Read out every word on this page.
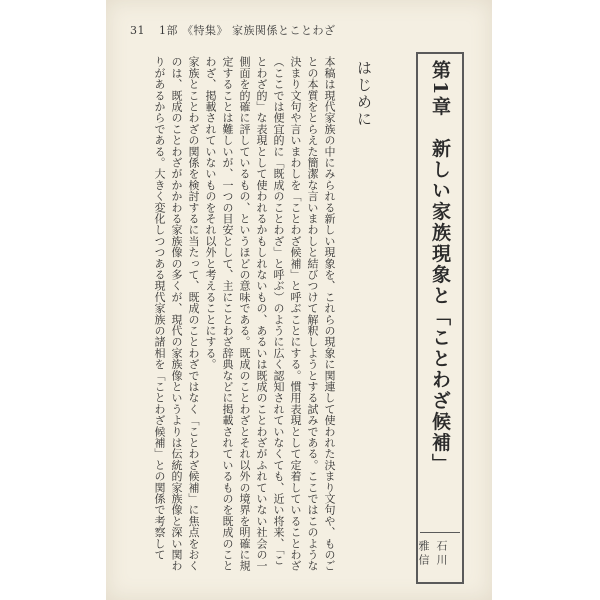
31 1部 《特集》 家族関係とことわざ
第1章　新しい家族現象と「ことわざ候補」
石川　雅信
はじめに

本稿は現代家族の中にみられる新しい現象を、これらの現象に関連して使われた決まり文句や、ものごとの本質をとらえた簡潔な言いまわしと結びつけて解釈しようとする試みである。ここではこのような決まり文句や言いまわしを「ことわざ候補」と呼ぶことにする。慣用表現として定着していることわざ（ここでは便宜的に「既成のことわざ」と呼ぶ）のように広く認知されていなくても、近い将来、「ことわざ的」な表現として使われるかもしれないもの、あるいは既成のことわざがふれていない社会の一側面を的確に評しているもの、というほどの意味である。既成のことわざとそれ以外の境界を明確に規定することは難しいが、一つの目安として、主にことわざ辞典などに掲載されているものを既成のことわざ、掲載されていないものをそれ以外と考えることにする。

家族とことわざの関係を検討するに当たって、既成のことわざではなく「ことわざ候補」に焦点をおくのは、既成のことわざがかかわる家族像の多くが、現代の家族像というよりは伝統的家族像と深い関わりがあるからである。大きく変化しつつある現代家族の諸相を「ことわざ候補」との関係で考察して
